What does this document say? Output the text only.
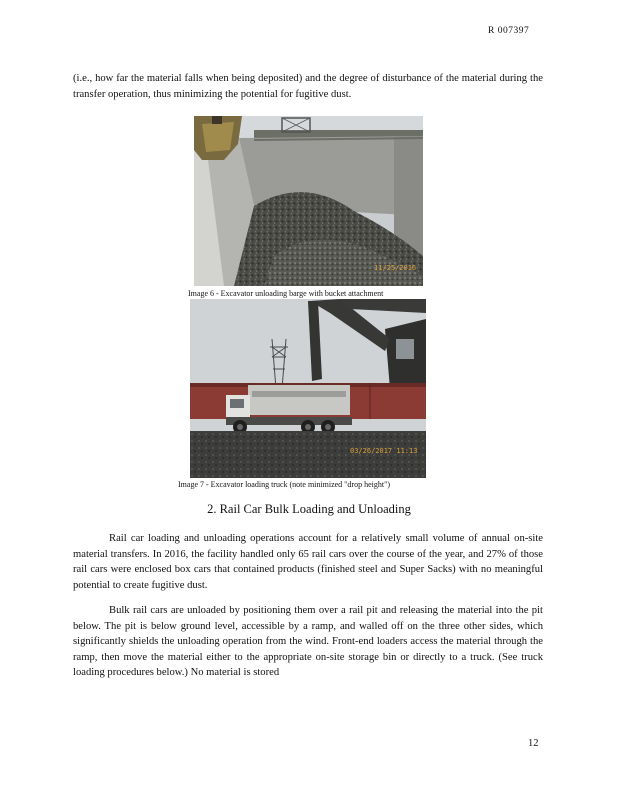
R 007397

(i.e., how far the material falls when being deposited) and the degree of disturbance of the material during the transfer operation, thus minimizing the potential for fugitive dust.

11/25/2016
Image 6 - Excavator unloading barge with bucket attachment
03/26/2017 11:13
Image 7 - Excavator loading truck (note minimized "drop height")
2. Rail Car Bulk Loading and Unloading

Rail car loading and unloading operations account for a relatively small volume of annual on-site material transfers. In 2016, the facility handled only 65 rail cars over the course of the year, and 27% of those rail cars were enclosed box cars that contained products (finished steel and Super Sacks) with no meaningful potential to create fugitive dust.

Bulk rail cars are unloaded by positioning them over a rail pit and releasing the material into the pit below. The pit is below ground level, accessible by a ramp, and walled off on the three other sides, which significantly shields the unloading operation from the wind. Front-end loaders access the material through the ramp, then move the material either to the appropriate on-site storage bin or directly to a truck. (See truck loading procedures below.) No material is stored

12
